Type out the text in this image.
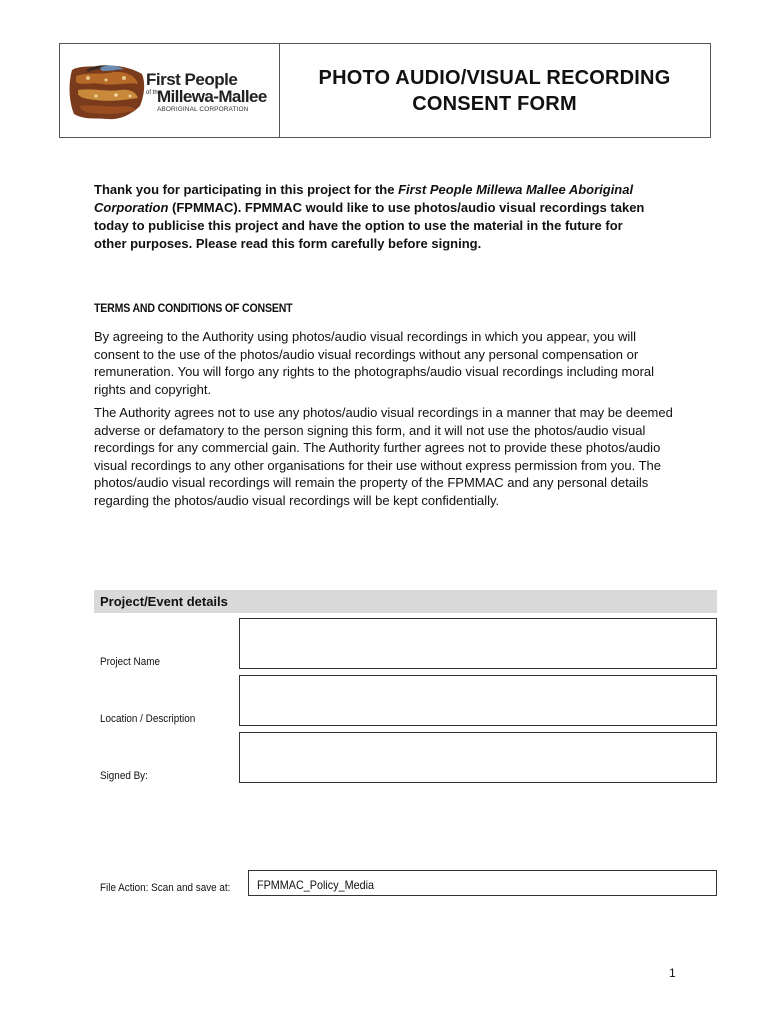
First People
of the
Millewa-Mallee
ABORIGINAL CORPORATION
PHOTO AUDIO/VISUAL RECORDING
CONSENT FORM
Thank you for participating in this project for the First People Millewa Mallee Aboriginal Corporation (FPMMAC). FPMMAC would like to use photos/audio visual recordings taken today to publicise this project and have the option to use the material in the future for other purposes. Please read this form carefully before signing.
TERMS AND CONDITIONS OF CONSENT
By agreeing to the Authority using photos/audio visual recordings in which you appear, you will consent to the use of the photos/audio visual recordings without any personal compensation or remuneration. You will forgo any rights to the photographs/audio visual recordings including moral rights and copyright.
The Authority agrees not to use any photos/audio visual recordings in a manner that may be deemed adverse or defamatory to the person signing this form, and it will not use the photos/audio visual recordings for any commercial gain. The Authority further agrees not to provide these photos/audio visual recordings to any other organisations for their use without express permission from you. The photos/audio visual recordings will remain the property of the FPMMAC and any personal details regarding the photos/audio visual recordings will be kept confidentially.
Project/Event details
Project Name
Location / Description
Signed By:
File Action: Scan and save at: FPMMAC_Policy_Media
1
